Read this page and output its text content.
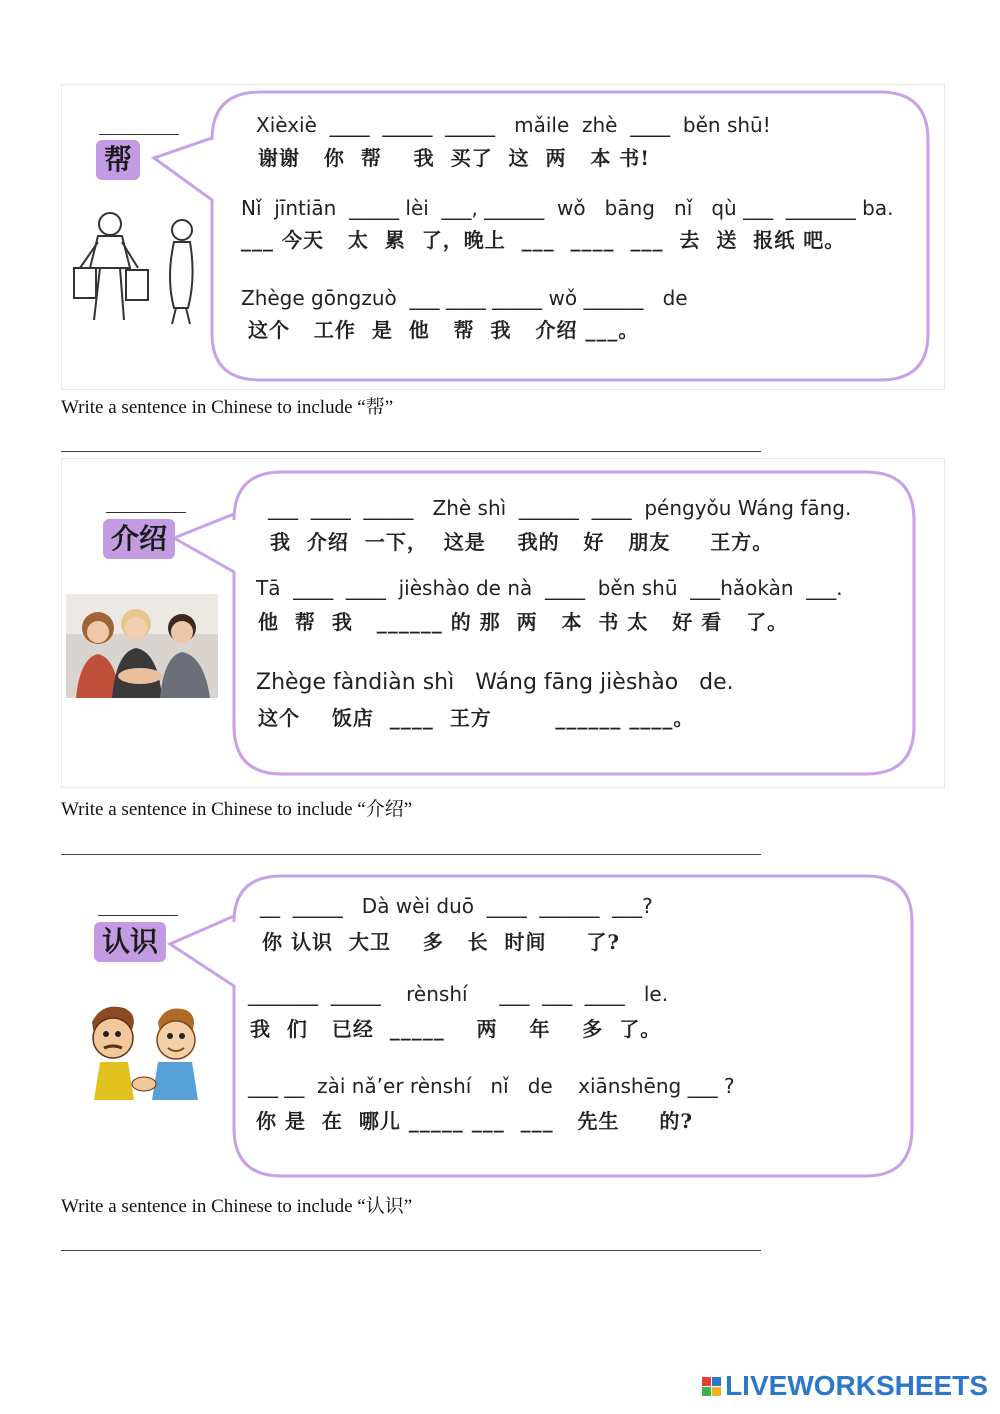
帮
Xièxiè  ____  _____  _____   mǎile  zhè  ____  běn shū!
谢谢   你  帮    我  买了  这  两   本 书!
Nǐ  jīntiān  _____ lèi  ___, ______  wǒ   bāng   nǐ   qù ___  _______ ba.
___ 今天   太  累  了，晚上  ___  ____  ___  去  送  报纸 吧。
Zhège gōngzuò  ___ ____ _____ wǒ ______   de
这个   工作  是  他   帮  我   介绍 ___。
Write a sentence in Chinese to include “帮”
介绍
___  ____  _____   Zhè shì  ______  ____  péngyǒu Wáng fāng.
我  介绍  一下，  这是    我的   好   朋友     王方。
Tā  ____  ____  jièshào de nà  ____  běn shū  ___hǎokàn  ___.
他  帮  我   ______ 的 那  两   本  书 太   好 看   了。
Zhège fàndiàn shì   Wáng fāng jièshào   de.
这个    饭店  ____  王方        ______ ____。
Write a sentence in Chinese to include “介绍”
认识
__  _____   Dà wèi duō  ____  ______  ___?
你 认识  大卫    多   长  时间     了?
_______  _____    rènshí     ___  ___  ____   le.
我  们   已经  _____    两    年    多  了。
___ __  zài nǎ’er rènshí   nǐ   de    xiānshēng ___ ?
你 是  在  哪儿 _____ ___  ___   先生     的?
Write a sentence in Chinese to include “认识”
LIVEWORKSHEETS
